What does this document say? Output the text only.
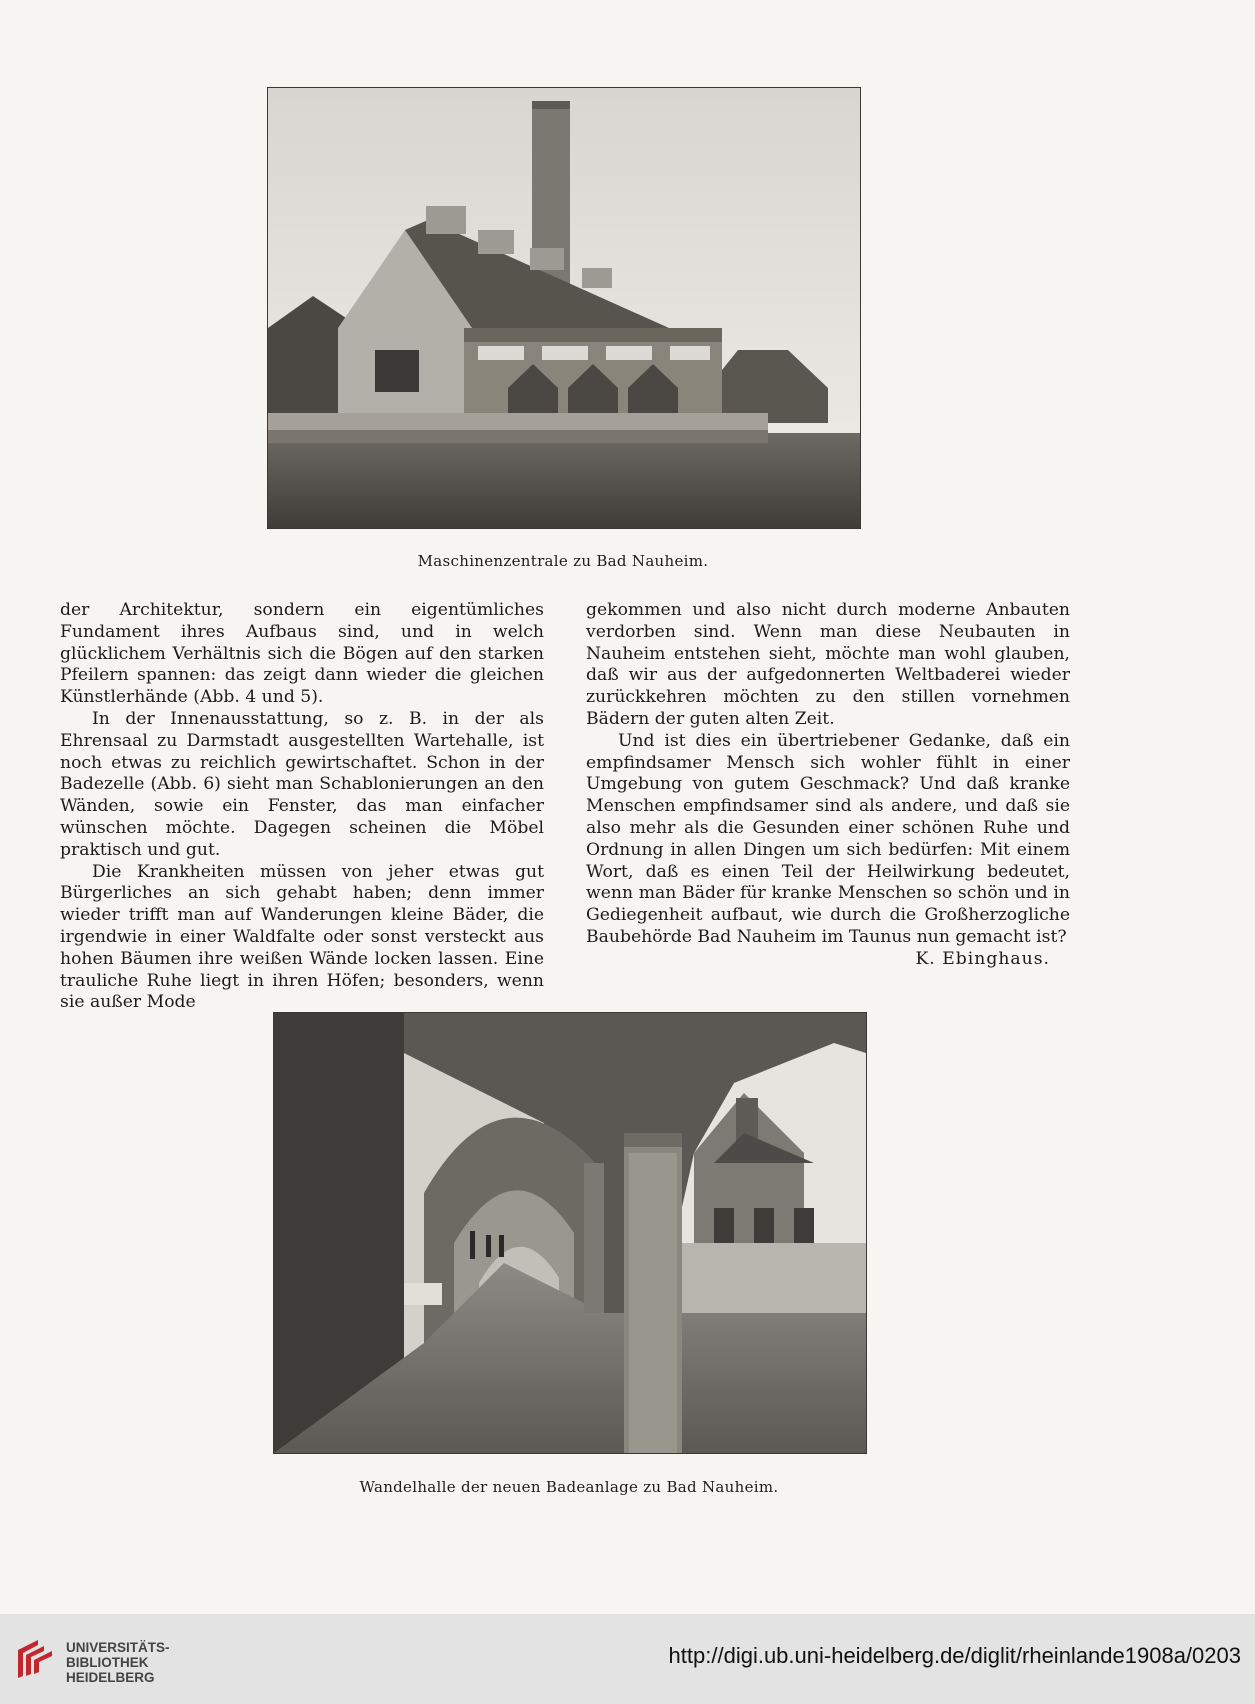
Maschinenzentrale zu Bad Nauheim.

der Architektur, sondern ein eigentümliches Fundament ihres Aufbaus sind, und in welch glücklichem Verhältnis sich die Bögen auf den starken Pfeilern spannen: das zeigt dann wieder die gleichen Künstlerhände (Abb. 4 und 5).

In der Innenausstattung, so z. B. in der als Ehrensaal zu Darmstadt ausgestellten Wartehalle, ist noch etwas zu reichlich gewirtschaftet. Schon in der Badezelle (Abb. 6) sieht man Schablonierungen an den Wänden, sowie ein Fenster, das man einfacher wünschen möchte. Dagegen scheinen die Möbel praktisch und gut.

Die Krankheiten müssen von jeher etwas gut Bürgerliches an sich gehabt haben; denn immer wieder trifft man auf Wanderungen kleine Bäder, die irgendwie in einer Waldfalte oder sonst versteckt aus hohen Bäumen ihre weißen Wände locken lassen. Eine trauliche Ruhe liegt in ihren Höfen; besonders, wenn sie außer Mode

gekommen und also nicht durch moderne Anbauten verdorben sind. Wenn man diese Neubauten in Nauheim entstehen sieht, möchte man wohl glauben, daß wir aus der aufgedonnerten Weltbaderei wieder zurückkehren möchten zu den stillen vornehmen Bädern der guten alten Zeit.

Und ist dies ein übertriebener Gedanke, daß ein empfindsamer Mensch sich wohler fühlt in einer Umgebung von gutem Geschmack? Und daß kranke Menschen empfindsamer sind als andere, und daß sie also mehr als die Gesunden einer schönen Ruhe und Ordnung in allen Dingen um sich bedürfen: Mit einem Wort, daß es einen Teil der Heilwirkung bedeutet, wenn man Bäder für kranke Menschen so schön und in Gediegenheit aufbaut, wie durch die Großherzogliche Baubehörde Bad Nauheim im Taunus nun gemacht ist?

K. Ebinghaus.

Wandelhalle der neuen Badeanlage zu Bad Nauheim.
UNIVERSITÄTS-
BIBLIOTHEK
HEIDELBERG
http://digi.ub.uni-heidelberg.de/diglit/rheinlande1908a/0203
